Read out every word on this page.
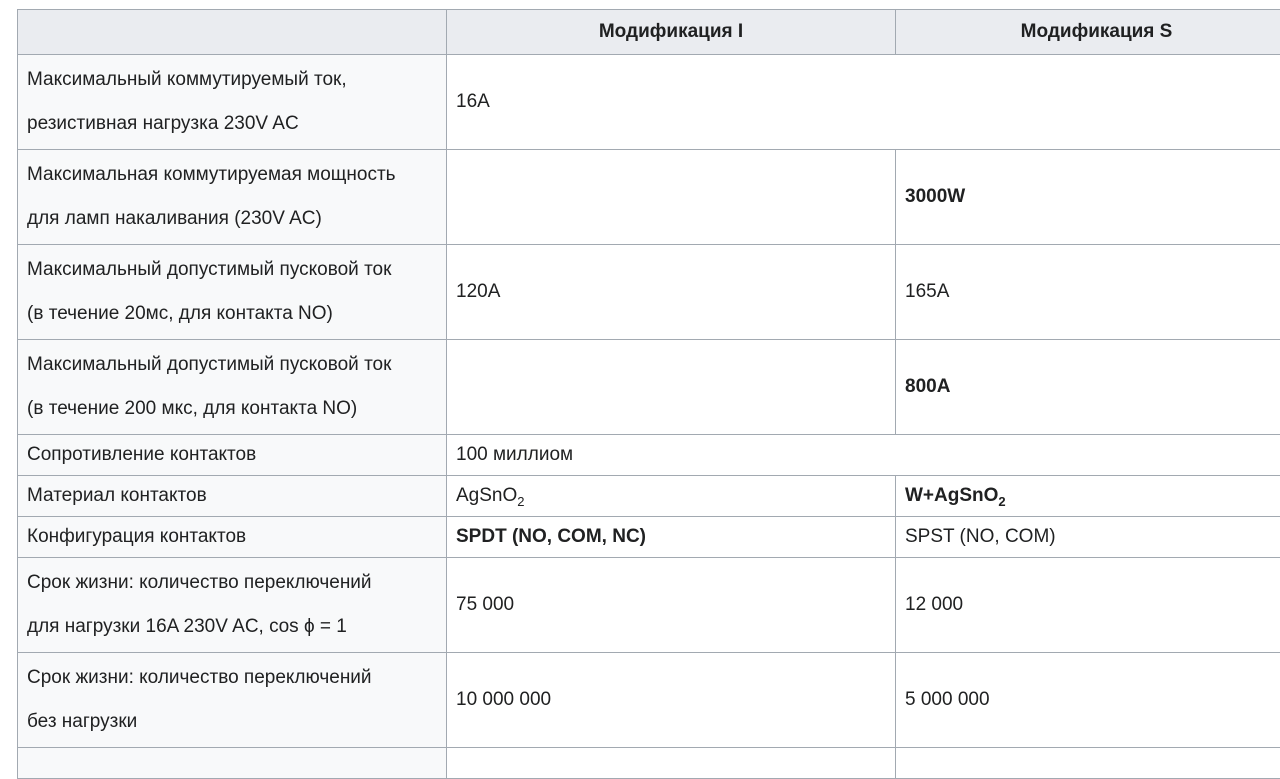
	Модификация I	Модификация S

Максимальный коммутируемый ток,
резистивная нагрузка 230V AC	16A	

Максимальная коммутируемая мощность
для ламп накаливания (230V AC)		3000W

Максимальный допустимый пусковой ток
(в течение 20мс, для контакта NO)	120A	165A

Максимальный допустимый пусковой ток
(в течение 200 мкс, для контакта NO)		800A
Сопротивление контактов	100 миллиом	
Материал контактов	AgSnO$_2$	W+AgSnO$_2$
Конфигурация контактов	SPDT (NO, COM, NC)	SPST (NO, COM)

Срок жизни: количество переключений
для нагрузки 16A 230V AC, cos ϕ = 1	75 000	12 000

Срок жизни: количество переключений
без нагрузки	10 000 000	5 000 000
